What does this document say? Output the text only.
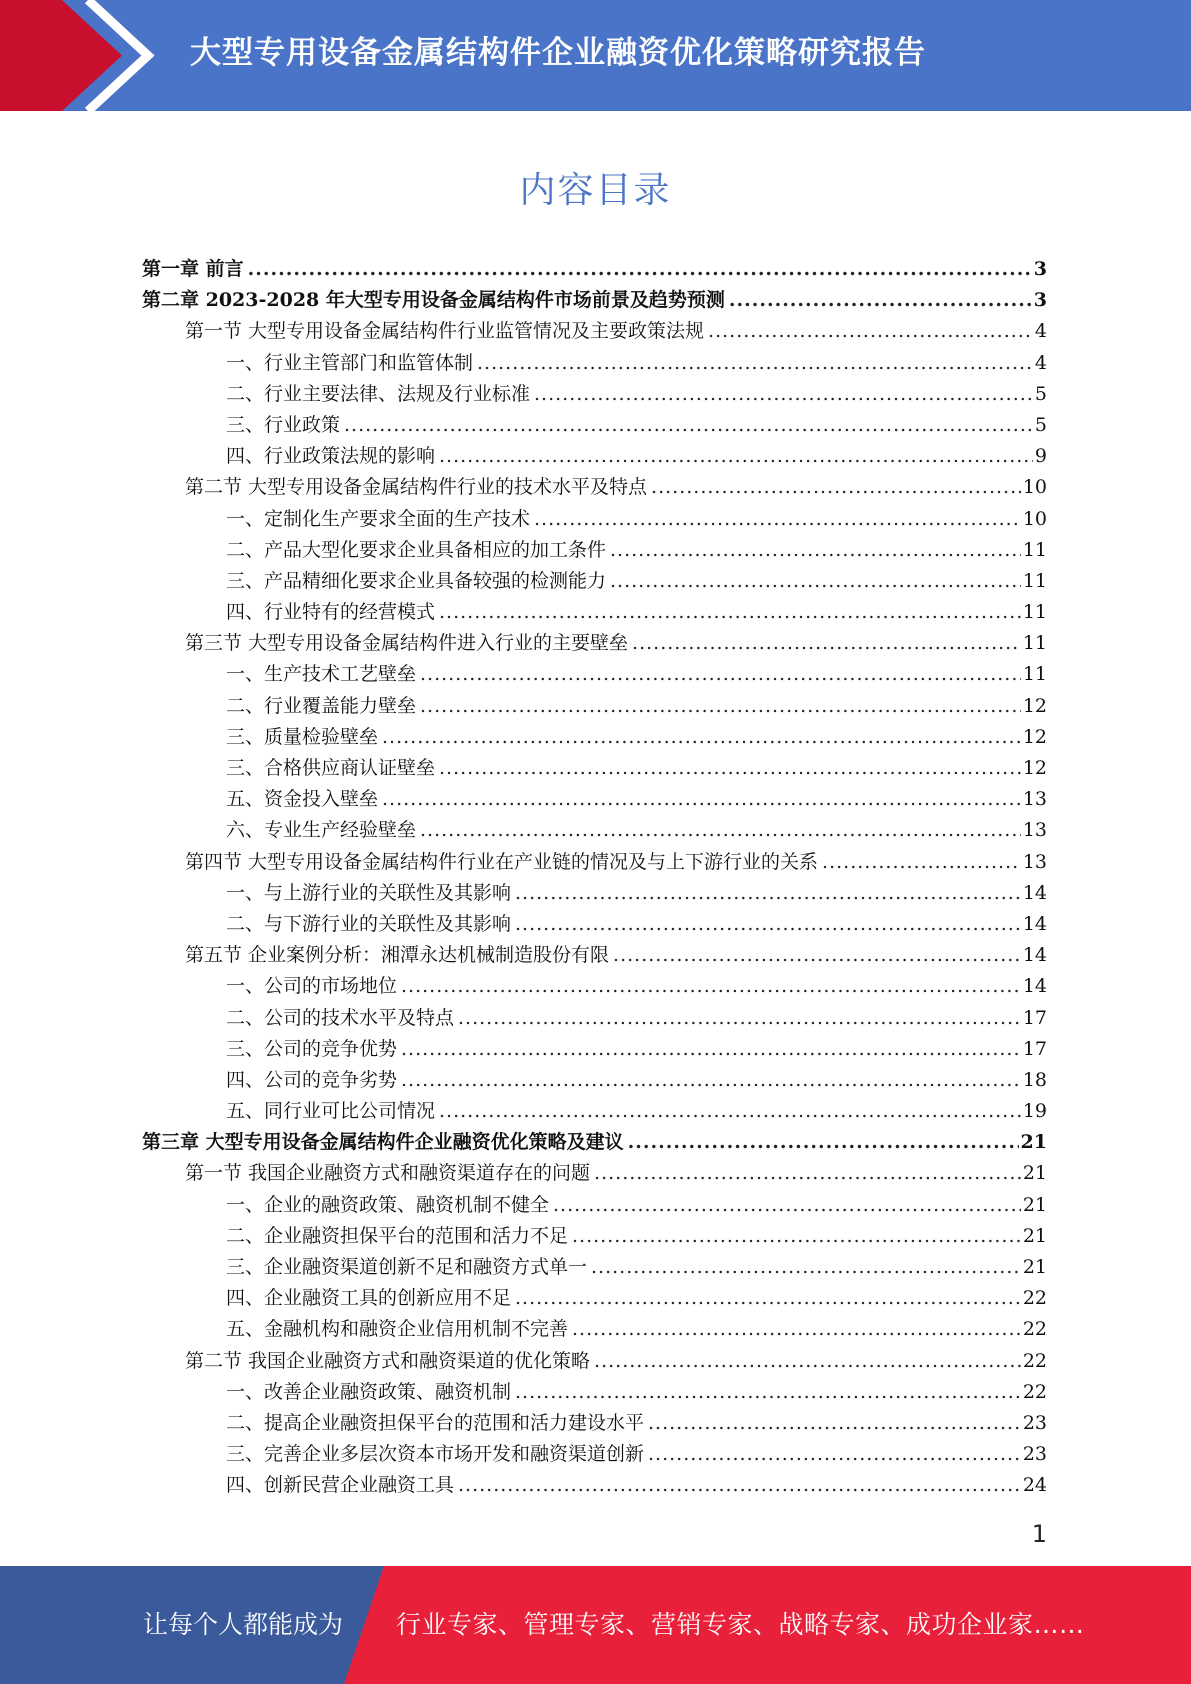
大型专用设备金属结构件企业融资优化策略研究报告
内容目录
第一章 前言 .....	3
第二章 2023-2028 年大型专用设备金属结构件市场前景及趋势预测 .....	3
第一节 大型专用设备金属结构件行业监管情况及主要政策法规 .....	4
一、行业主管部门和监管体制 .....	4
二、行业主要法律、法规及行业标准 .....	5
三、行业政策 .....	5
四、行业政策法规的影响 .....	9
第二节 大型专用设备金属结构件行业的技术水平及特点 .....	10
一、定制化生产要求全面的生产技术 .....	10
二、产品大型化要求企业具备相应的加工条件 .....	11
三、产品精细化要求企业具备较强的检测能力 .....	11
四、行业特有的经营模式 .....	11
第三节 大型专用设备金属结构件进入行业的主要壁垒 .....	11
一、生产技术工艺壁垒 .....	11
二、行业覆盖能力壁垒 .....	12
三、质量检验壁垒 .....	12
三、合格供应商认证壁垒 .....	12
五、资金投入壁垒 .....	13
六、专业生产经验壁垒 .....	13
第四节 大型专用设备金属结构件行业在产业链的情况及与上下游行业的关系 .....	13
一、与上游行业的关联性及其影响 .....	14
二、与下游行业的关联性及其影响 .....	14
第五节 企业案例分析：湘潭永达机械制造股份有限 .....	14
一、公司的市场地位 .....	14
二、公司的技术水平及特点 .....	17
三、公司的竞争优势 .....	17
四、公司的竞争劣势 .....	18
五、同行业可比公司情况 .....	19
第三章 大型专用设备金属结构件企业融资优化策略及建议 .....	21
第一节 我国企业融资方式和融资渠道存在的问题 .....	21
一、企业的融资政策、融资机制不健全 .....	21
二、企业融资担保平台的范围和活力不足 .....	21
三、企业融资渠道创新不足和融资方式单一 .....	21
四、企业融资工具的创新应用不足 .....	22
五、金融机构和融资企业信用机制不完善 .....	22
第二节 我国企业融资方式和融资渠道的优化策略 .....	22
一、改善企业融资政策、融资机制 .....	22
二、提高企业融资担保平台的范围和活力建设水平 .....	23
三、完善企业多层次资本市场开发和融资渠道创新 .....	23
四、创新民营企业融资工具 .....	24
1
让每个人都能成为 行业专家、管理专家、营销专家、战略专家、成功企业家……
